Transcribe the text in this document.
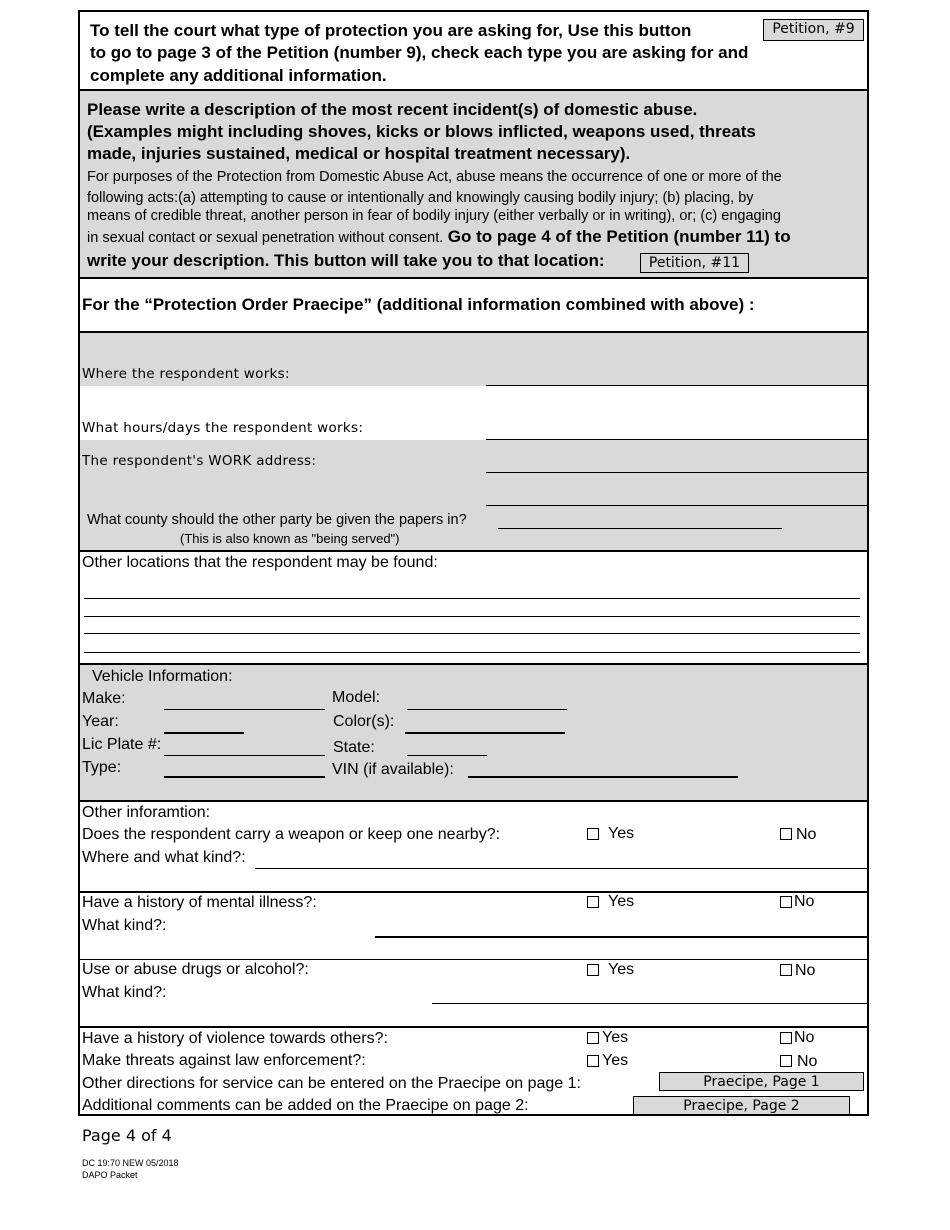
To tell the court what type of protection you are asking for, Use this button
to go to page 3 of the Petition (number 9), check each type you are asking for and
complete any additional information.
Petition, #9
Please write a description of the most recent incident(s) of domestic abuse.
(Examples might including shoves, kicks or blows inflicted, weapons used, threats
made, injuries sustained, medical or hospital treatment necessary).
For purposes of the Protection from Domestic Abuse Act, abuse means the occurrence of one or more of the
following acts:(a) attempting to cause or intentionally and knowingly causing bodily injury; (b) placing, by
means of credible threat, another person in fear of bodily injury (either verbally or in writing), or; (c) engaging
in sexual contact or sexual penetration without consent. Go to page 4 of the Petition (number 11) to
write your description. This button will take you to that location:	Petition, #11
For the “Protection Order Praecipe” (additional information combined with above) :
Where the respondent works:
What hours/days the respondent works:
The respondent's WORK address:
What county should the other party be given the papers in?
(This is also known as "being served")
Other locations that the respondent may be found:
Vehicle Information:
Make:	Model:
Year:	Color(s):
Lic Plate #:	State:
Type:	VIN (if available):
Other inforamtion:
Does the respondent carry a weapon or keep one nearby?:	Yes	No
Where and what kind?:
Have a history of mental illness?:	Yes	No
What kind?:
Use or abuse drugs or alcohol?:	Yes	No
What kind?:
Have a history of violence towards others?:	Yes	No
Make threats against law enforcement?:	Yes	No
Other directions for service can be entered on the Praecipe on page 1:	Praecipe, Page 1
Additional comments can be added on the Praecipe on page 2:	Praecipe, Page 2
Page 4 of 4
DC 19:70 NEW 05/2018
DAPO Packet
